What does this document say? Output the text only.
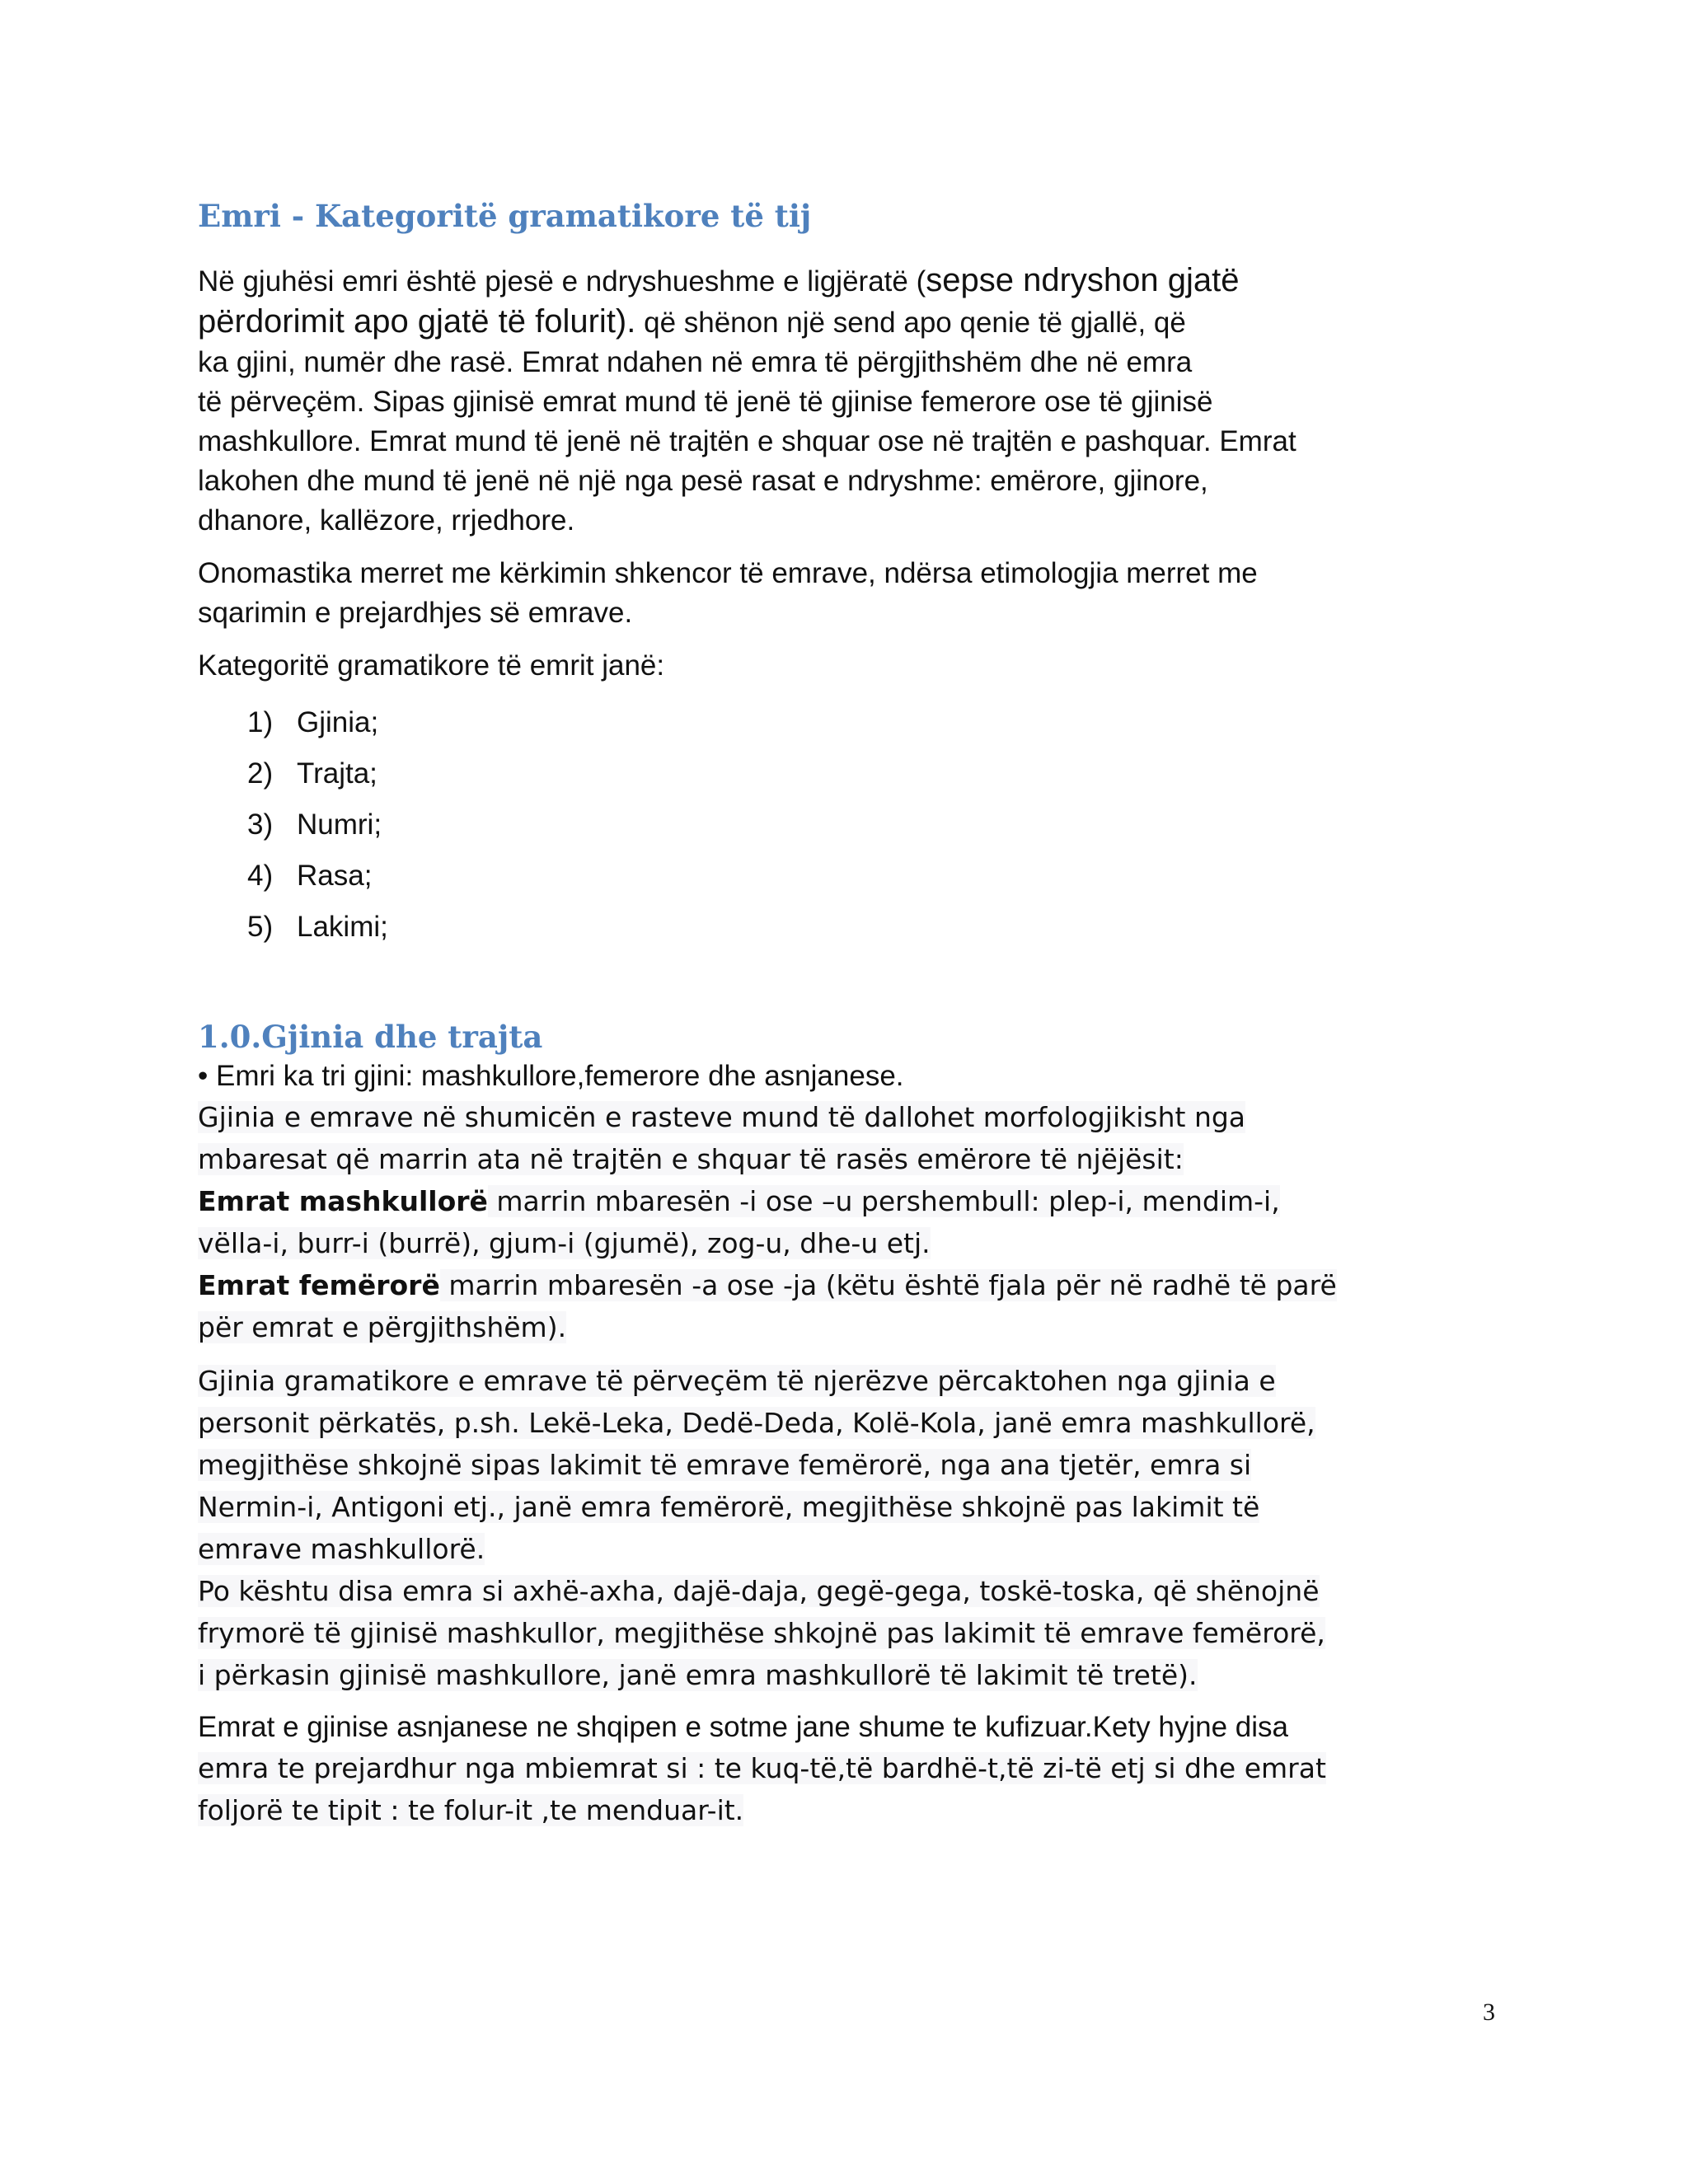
Emri - Kategoritë gramatikore të tij
Në gjuhësi emri është pjesë e ndryshueshme e ligjëratë (sepse ndryshon gjatë
përdorimit apo gjatë të folurit). që shënon një send apo qenie të gjallë, që
ka gjini, numër dhe rasë. Emrat ndahen në emra të përgjithshëm dhe në emra
të përveçëm. Sipas gjinisë emrat mund të jenë të gjinise femerore ose të gjinisë
mashkullore. Emrat mund të jenë në trajtën e shquar ose në trajtën e pashquar. Emrat
lakohen dhe mund të jenë në një nga pesë rasat e ndryshme: emërore, gjinore,
dhanore, kallëzore, rrjedhore.
Onomastika merret me kërkimin shkencor të emrave, ndërsa etimologjia merret me
sqarimin e prejardhjes së emrave.
Kategoritë gramatikore të emrit janë:
1) Gjinia;
2) Trajta;
3) Numri;
4) Rasa;
5) Lakimi;
1.0.Gjinia dhe trajta
• Emri ka tri gjini: mashkullore,femerore dhe asnjanese.
Gjinia e emrave në shumicën e rasteve mund të dallohet morfologjikisht nga
mbaresat që marrin ata në trajtën e shquar të rasës emërore të njëjësit:
Emrat mashkullorë marrin mbaresën -i ose –u pershembull: plep-i, mendim-i,
vëlla-i, burr-i (burrë), gjum-i (gjumë), zog-u, dhe-u etj.
Emrat femërorë marrin mbaresën -a ose -ja (këtu është fjala për në radhë të parë
për emrat e përgjithshëm).
Gjinia gramatikore e emrave të përveçëm të njerëzve përcaktohen nga gjinia e
personit përkatës, p.sh. Lekë-Leka, Dedë-Deda, Kolë-Kola, janë emra mashkullorë,
megjithëse shkojnë sipas lakimit të emrave femërorë, nga ana tjetër, emra si
Nermin-i, Antigoni etj., janë emra femërorë, megjithëse shkojnë pas lakimit të
emrave mashkullorë.
Po kështu disa emra si axhë-axha, dajë-daja, gegë-gega, toskë-toska, që shënojnë
frymorë të gjinisë mashkullor, megjithëse shkojnë pas lakimit të emrave femërorë,
i përkasin gjinisë mashkullore, janë emra mashkullorë të lakimit të tretë).
Emrat e gjinise asnjanese ne shqipen e sotme jane shume te kufizuar.Kety hyjne disa
emra te prejardhur nga mbiemrat si : te kuq-të,të bardhë-t,të zi-të etj si dhe emrat
foljorë te tipit : te folur-it ,te menduar-it.
3
